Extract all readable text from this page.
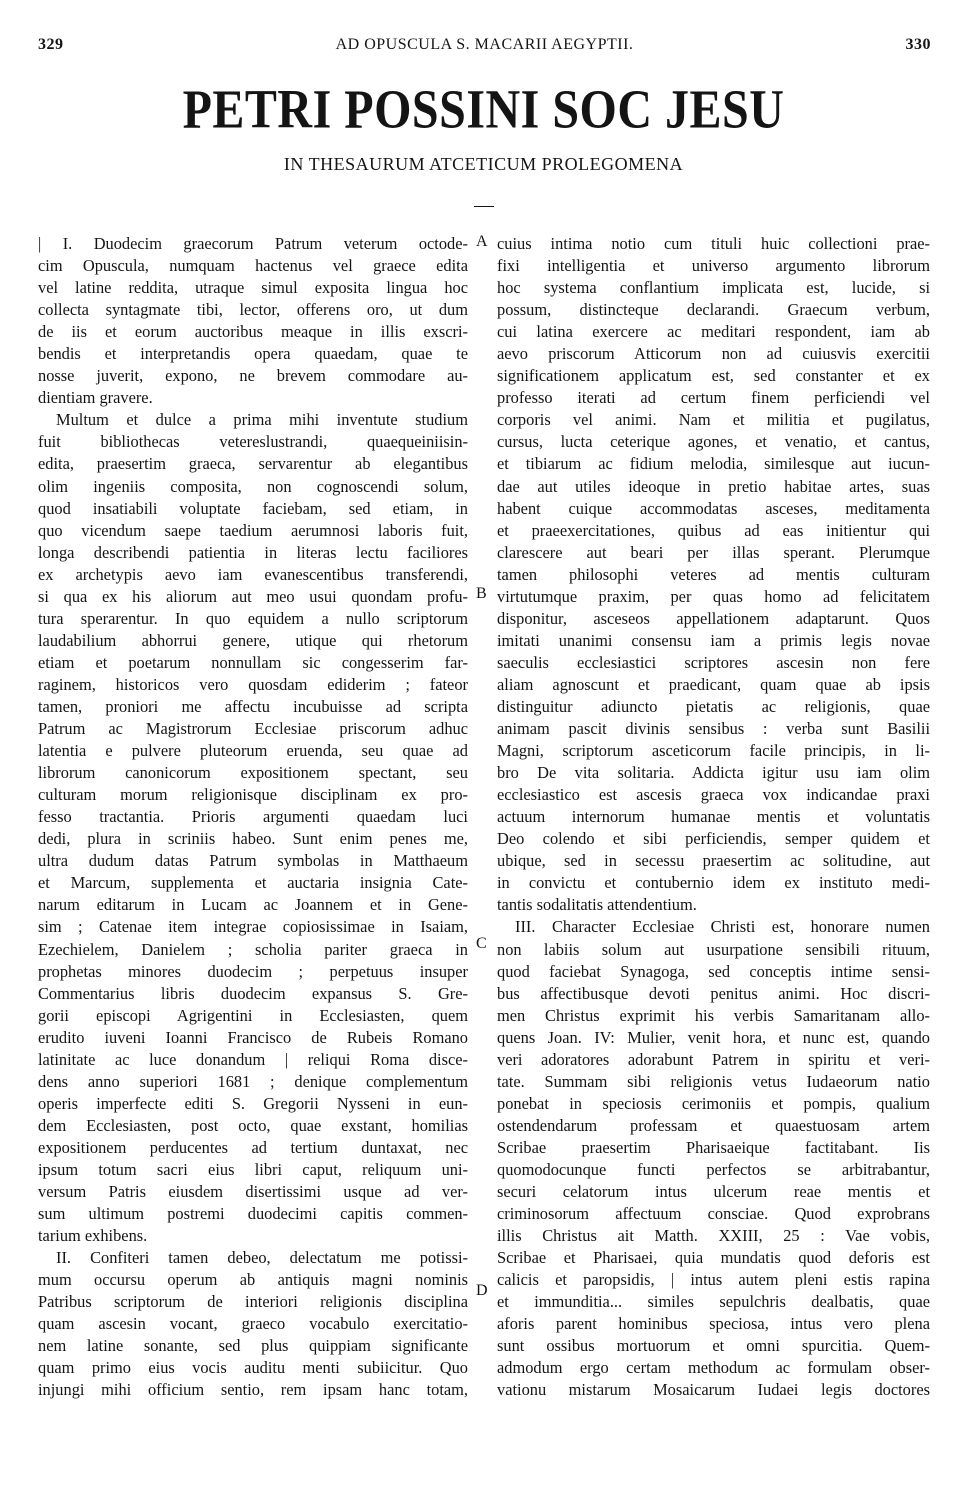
329	AD OPUSCULA S. MACARII AEGYPTII.	330
PETRI POSSINI SOC JESU
IN THESAURUM ATCETICUM PROLEGOMENA
| I. Duodecim graecorum Patrum veterum octode-
cim Opuscula, numquam hactenus vel graece edita
vel latine reddita, utraque simul exposita lingua hoc
collecta syntagmate tibi, lector, offerens oro, ut dum
de iis et eorum auctoribus meaque in illis exscri-
bendis et interpretandis opera quaedam, quae te
nosse juverit, expono, ne brevem commodare au-
dientiam gravere.
Multum et dulce a prima mihi inventute studium
fuit bibliothecas vetereslustrandi, quaequeiniisin-
edita, praesertim graeca, servarentur ab elegantibus
olim ingeniis composita, non cognoscendi solum,
quod insatiabili voluptate faciebam, sed etiam, in
quo vicendum saepe taedium aerumnosi laboris fuit,
longa describendi patientia in literas lectu faciliores
ex archetypis aevo iam evanescentibus transferendi,
si qua ex his aliorum aut meo usui quondam profu-
tura sperarentur. In quo equidem a nullo scriptorum
laudabilium abhorrui genere, utique qui rhetorum
etiam et poetarum nonnullam sic congesserim far-
raginem, historicos vero quosdam ediderim ; fateor
tamen, proniori me affectu incubuisse ad scripta
Patrum ac Magistrorum Ecclesiae priscorum adhuc
latentia e pulvere pluteorum eruenda, seu quae ad
librorum canonicorum expositionem spectant, seu
culturam morum religionisque disciplinam ex pro-
fesso tractantia. Prioris argumenti quaedam luci
dedi, plura in scriniis habeo. Sunt enim penes me,
ultra dudum datas Patrum symbolas in Matthaeum
et Marcum, supplementa et auctaria insignia Cate-
narum editarum in Lucam ac Joannem et in Gene-
sim ; Catenae item integrae copiosissimae in Isaiam,
Ezechielem, Danielem ; scholia pariter graeca in
prophetas minores duodecim ; perpetuus insuper
Commentarius libris duodecim expansus S. Gre-
gorii episcopi Agrigentini in Ecclesiasten, quem
erudito iuveni Ioanni Francisco de Rubeis Romano
latinitate ac luce donandum | reliqui Roma disce-
dens anno superiori 1681 ; denique complementum
operis imperfecte editi S. Gregorii Nysseni in eun-
dem Ecclesiasten, post octo, quae exstant, homilias
expositionem perducentes ad tertium duntaxat, nec
ipsum totum sacri eius libri caput, reliquum uni-
versum Patris eiusdem disertissimi usque ad ver-
sum ultimum postremi duodecimi capitis commen-
tarium exhibens.
II. Confiteri tamen debeo, delectatum me potissi-
mum occursu operum ab antiquis magni nominis
Patribus scriptorum de interiori religionis disciplina
quam ascesin vocant, graeco vocabulo exercitatio-
nem latine sonante, sed plus quippiam significante
quam primo eius vocis auditu menti subiicitur. Quo
injungi mihi officium sentio, rem ipsam hanc totam,
cuius intima notio cum tituli huic collectioni prae-
fixi intelligentia et universo argumento librorum
hoc systema conflantium implicata est, lucide, si
possum, distincteque declarandi. Graecum verbum,
cui latina exercere ac meditari respondent, iam ab
aevo priscorum Atticorum non ad cuiusvis exercitii
significationem applicatum est, sed constanter et ex
professo iterati ad certum finem perficiendi vel
corporis vel animi. Nam et militia et pugilatus,
cursus, lucta ceterique agones, et venatio, et cantus,
et tibiarum ac fidium melodia, similesque aut iucun-
dae aut utiles ideoque in pretio habitae artes, suas
habent cuique accommodatas asceses, meditamenta
et praeexercitationes, quibus ad eas initientur qui
clarescere aut beari per illas sperant. Plerumque
tamen philosophi veteres ad mentis culturam
virtutumque praxim, per quas homo ad felicitatem
disponitur, asceseos appellationem adaptarunt. Quos
imitati unanimi consensu iam a primis legis novae
saeculis ecclesiastici scriptores ascesin non fere
aliam agnoscunt et praedicant, quam quae ab ipsis
distinguitur adiuncto pietatis ac religionis, quae
animam pascit divinis sensibus : verba sunt Basilii
Magni, scriptorum asceticorum facile principis, in li-
bro De vita solitaria. Addicta igitur usu iam olim
ecclesiastico est ascesis graeca vox indicandae praxi
actuum internorum humanae mentis et voluntatis
Deo colendo et sibi perficiendis, semper quidem et
ubique, sed in secessu praesertim ac solitudine, aut
in convictu et contubernio idem ex instituto medi-
tantis sodalitatis attendentium.
III. Character Ecclesiae Christi est, honorare numen
non labiis solum aut usurpatione sensibili rituum,
quod faciebat Synagoga, sed conceptis intime sensi-
bus affectibusque devoti penitus animi. Hoc discri-
men Christus exprimit his verbis Samaritanam allo-
quens Joan. IV: Mulier, venit hora, et nunc est, quando
veri adoratores adorabunt Patrem in spiritu et veri-
tate. Summam sibi religionis vetus Iudaeorum natio
ponebat in speciosis cerimoniis et pompis, qualium
ostendendarum professam et quaestuosam artem
Scribae praesertim Pharisaeique factitabant. Iis
quomodocunque functi perfectos se arbitrabantur,
securi celatorum intus ulcerum reae mentis et
criminosorum affectuum consciae. Quod exprobrans
illis Christus ait Matth. XXIII, 25 : Vae vobis,
Scribae et Pharisaei, quia mundatis quod deforis est
calicis et paropsidis, | intus autem pleni estis rapina
et immunditia... similes sepulchris dealbatis, quae
aforis parent hominibus speciosa, intus vero plena
sunt ossibus mortuorum et omni spurcitia. Quem-
admodum ergo certam methodum ac formulam obser-
vationu mistarum Mosaicarum Iudaei legis doctores
A
B
C
D
